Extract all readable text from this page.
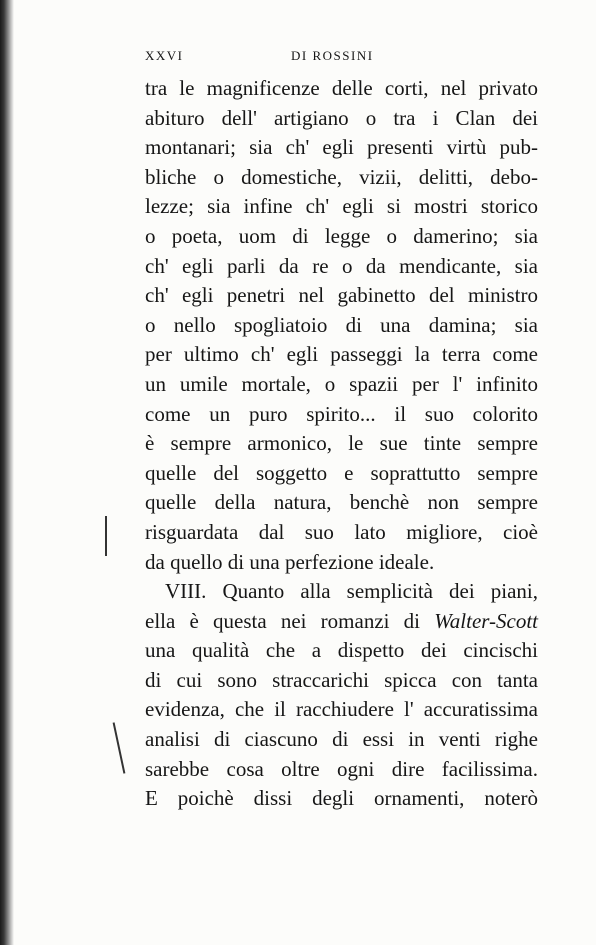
XXVI	DI ROSSINI
tra le magnificenze delle corti, nel privato
abituro dell' artigiano o tra i Clan dei
montanari; sia ch' egli presenti virtù pub-
bliche o domestiche, vizii, delitti, debo-
lezze; sia infine ch' egli si mostri storico
o poeta, uom di legge o damerino; sia
ch' egli parli da re o da mendicante, sia
ch' egli penetri nel gabinetto del ministro
o nello spogliatoio di una damina; sia
per ultimo ch' egli passeggi la terra come
un umile mortale, o spazii per l' infinito
come un puro spirito... il suo colorito
è sempre armonico, le sue tinte sempre
quelle del soggetto e soprattutto sempre
quelle della natura, benchè non sempre
risguardata dal suo lato migliore, cioè
da quello di una perfezione ideale.
VIII. Quanto alla semplicità dei piani,
ella è questa nei romanzi di Walter-Scott
una qualità che a dispetto dei cincischi
di cui sono straccarichi spicca con tanta
evidenza, che il racchiudere l' accuratissima
analisi di ciascuno di essi in venti righe
sarebbe cosa oltre ogni dire facilissima.
E poichè dissi degli ornamenti, noterò
